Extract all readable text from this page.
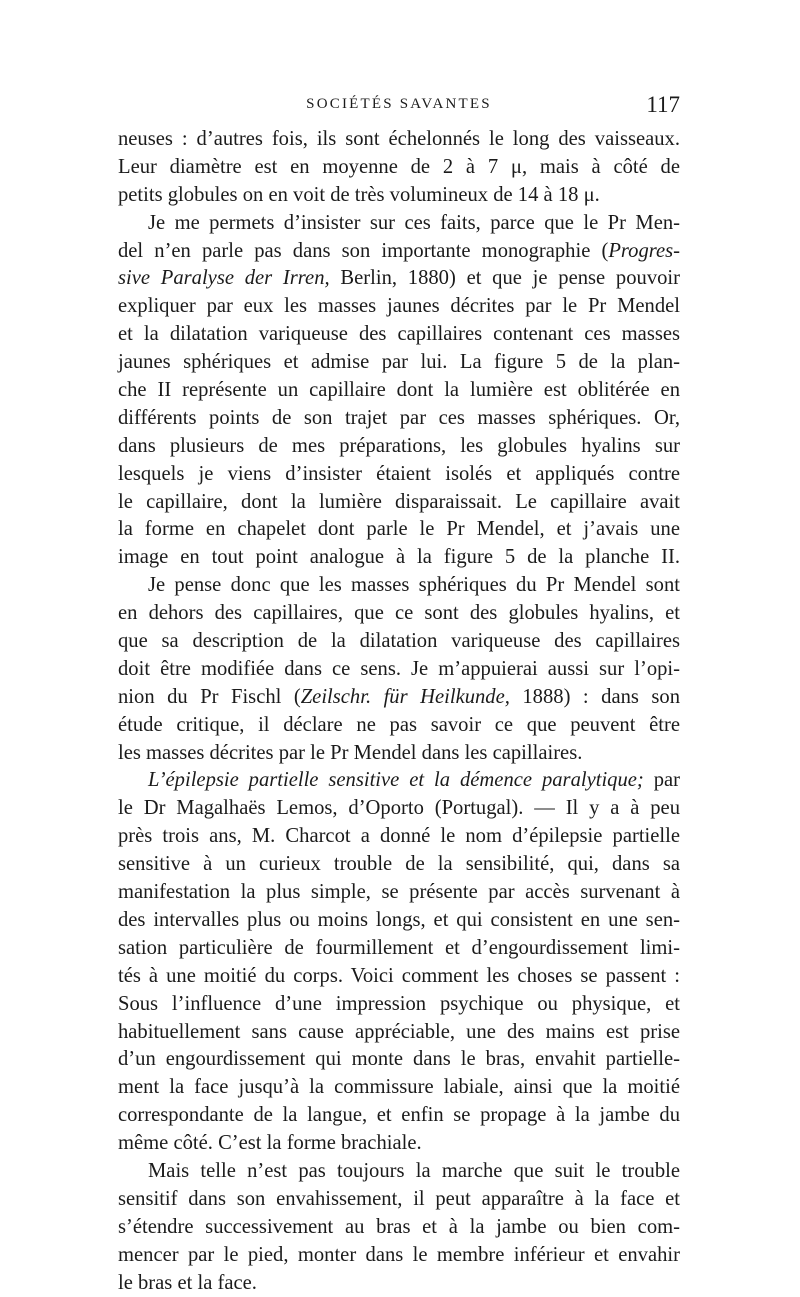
SOCIÉTÉS SAVANTES	117
neuses : d’autres fois, ils sont échelonnés le long des vaisseaux.
Leur diamètre est en moyenne de 2 à 7 μ, mais à côté de
petits globules on en voit de très volumineux de 14 à 18 μ.
Je me permets d’insister sur ces faits, parce que le Pr Men-
del n’en parle pas dans son importante monographie (Progres-
sive Paralyse der Irren, Berlin, 1880) et que je pense pouvoir
expliquer par eux les masses jaunes décrites par le Pr Mendel
et la dilatation variqueuse des capillaires contenant ces masses
jaunes sphériques et admise par lui. La figure 5 de la plan-
che II représente un capillaire dont la lumière est oblitérée en
différents points de son trajet par ces masses sphériques. Or,
dans plusieurs de mes préparations, les globules hyalins sur
lesquels je viens d’insister étaient isolés et appliqués contre
le capillaire, dont la lumière disparaissait. Le capillaire avait
la forme en chapelet dont parle le Pr Mendel, et j’avais une
image en tout point analogue à la figure 5 de la planche II.
Je pense donc que les masses sphériques du Pr Mendel sont
en dehors des capillaires, que ce sont des globules hyalins, et
que sa description de la dilatation variqueuse des capillaires
doit être modifiée dans ce sens. Je m’appuierai aussi sur l’opi-
nion du Pr Fischl (Zeilschr. für Heilkunde, 1888) : dans son
étude critique, il déclare ne pas savoir ce que peuvent être
les masses décrites par le Pr Mendel dans les capillaires.
L’épilepsie partielle sensitive et la démence paralytique; par
le Dr Magalhaës Lemos, d’Oporto (Portugal). — Il y a à peu
près trois ans, M. Charcot a donné le nom d’épilepsie partielle
sensitive à un curieux trouble de la sensibilité, qui, dans sa
manifestation la plus simple, se présente par accès survenant à
des intervalles plus ou moins longs, et qui consistent en une sen-
sation particulière de fourmillement et d’engourdissement limi-
tés à une moitié du corps. Voici comment les choses se passent :
Sous l’influence d’une impression psychique ou physique, et
habituellement sans cause appréciable, une des mains est prise
d’un engourdissement qui monte dans le bras, envahit partielle-
ment la face jusqu’à la commissure labiale, ainsi que la moitié
correspondante de la langue, et enfin se propage à la jambe du
même côté. C’est la forme brachiale.
Mais telle n’est pas toujours la marche que suit le trouble
sensitif dans son envahissement, il peut apparaître à la face et
s’étendre successivement au bras et à la jambe ou bien com-
mencer par le pied, monter dans le membre inférieur et envahir
le bras et la face.
